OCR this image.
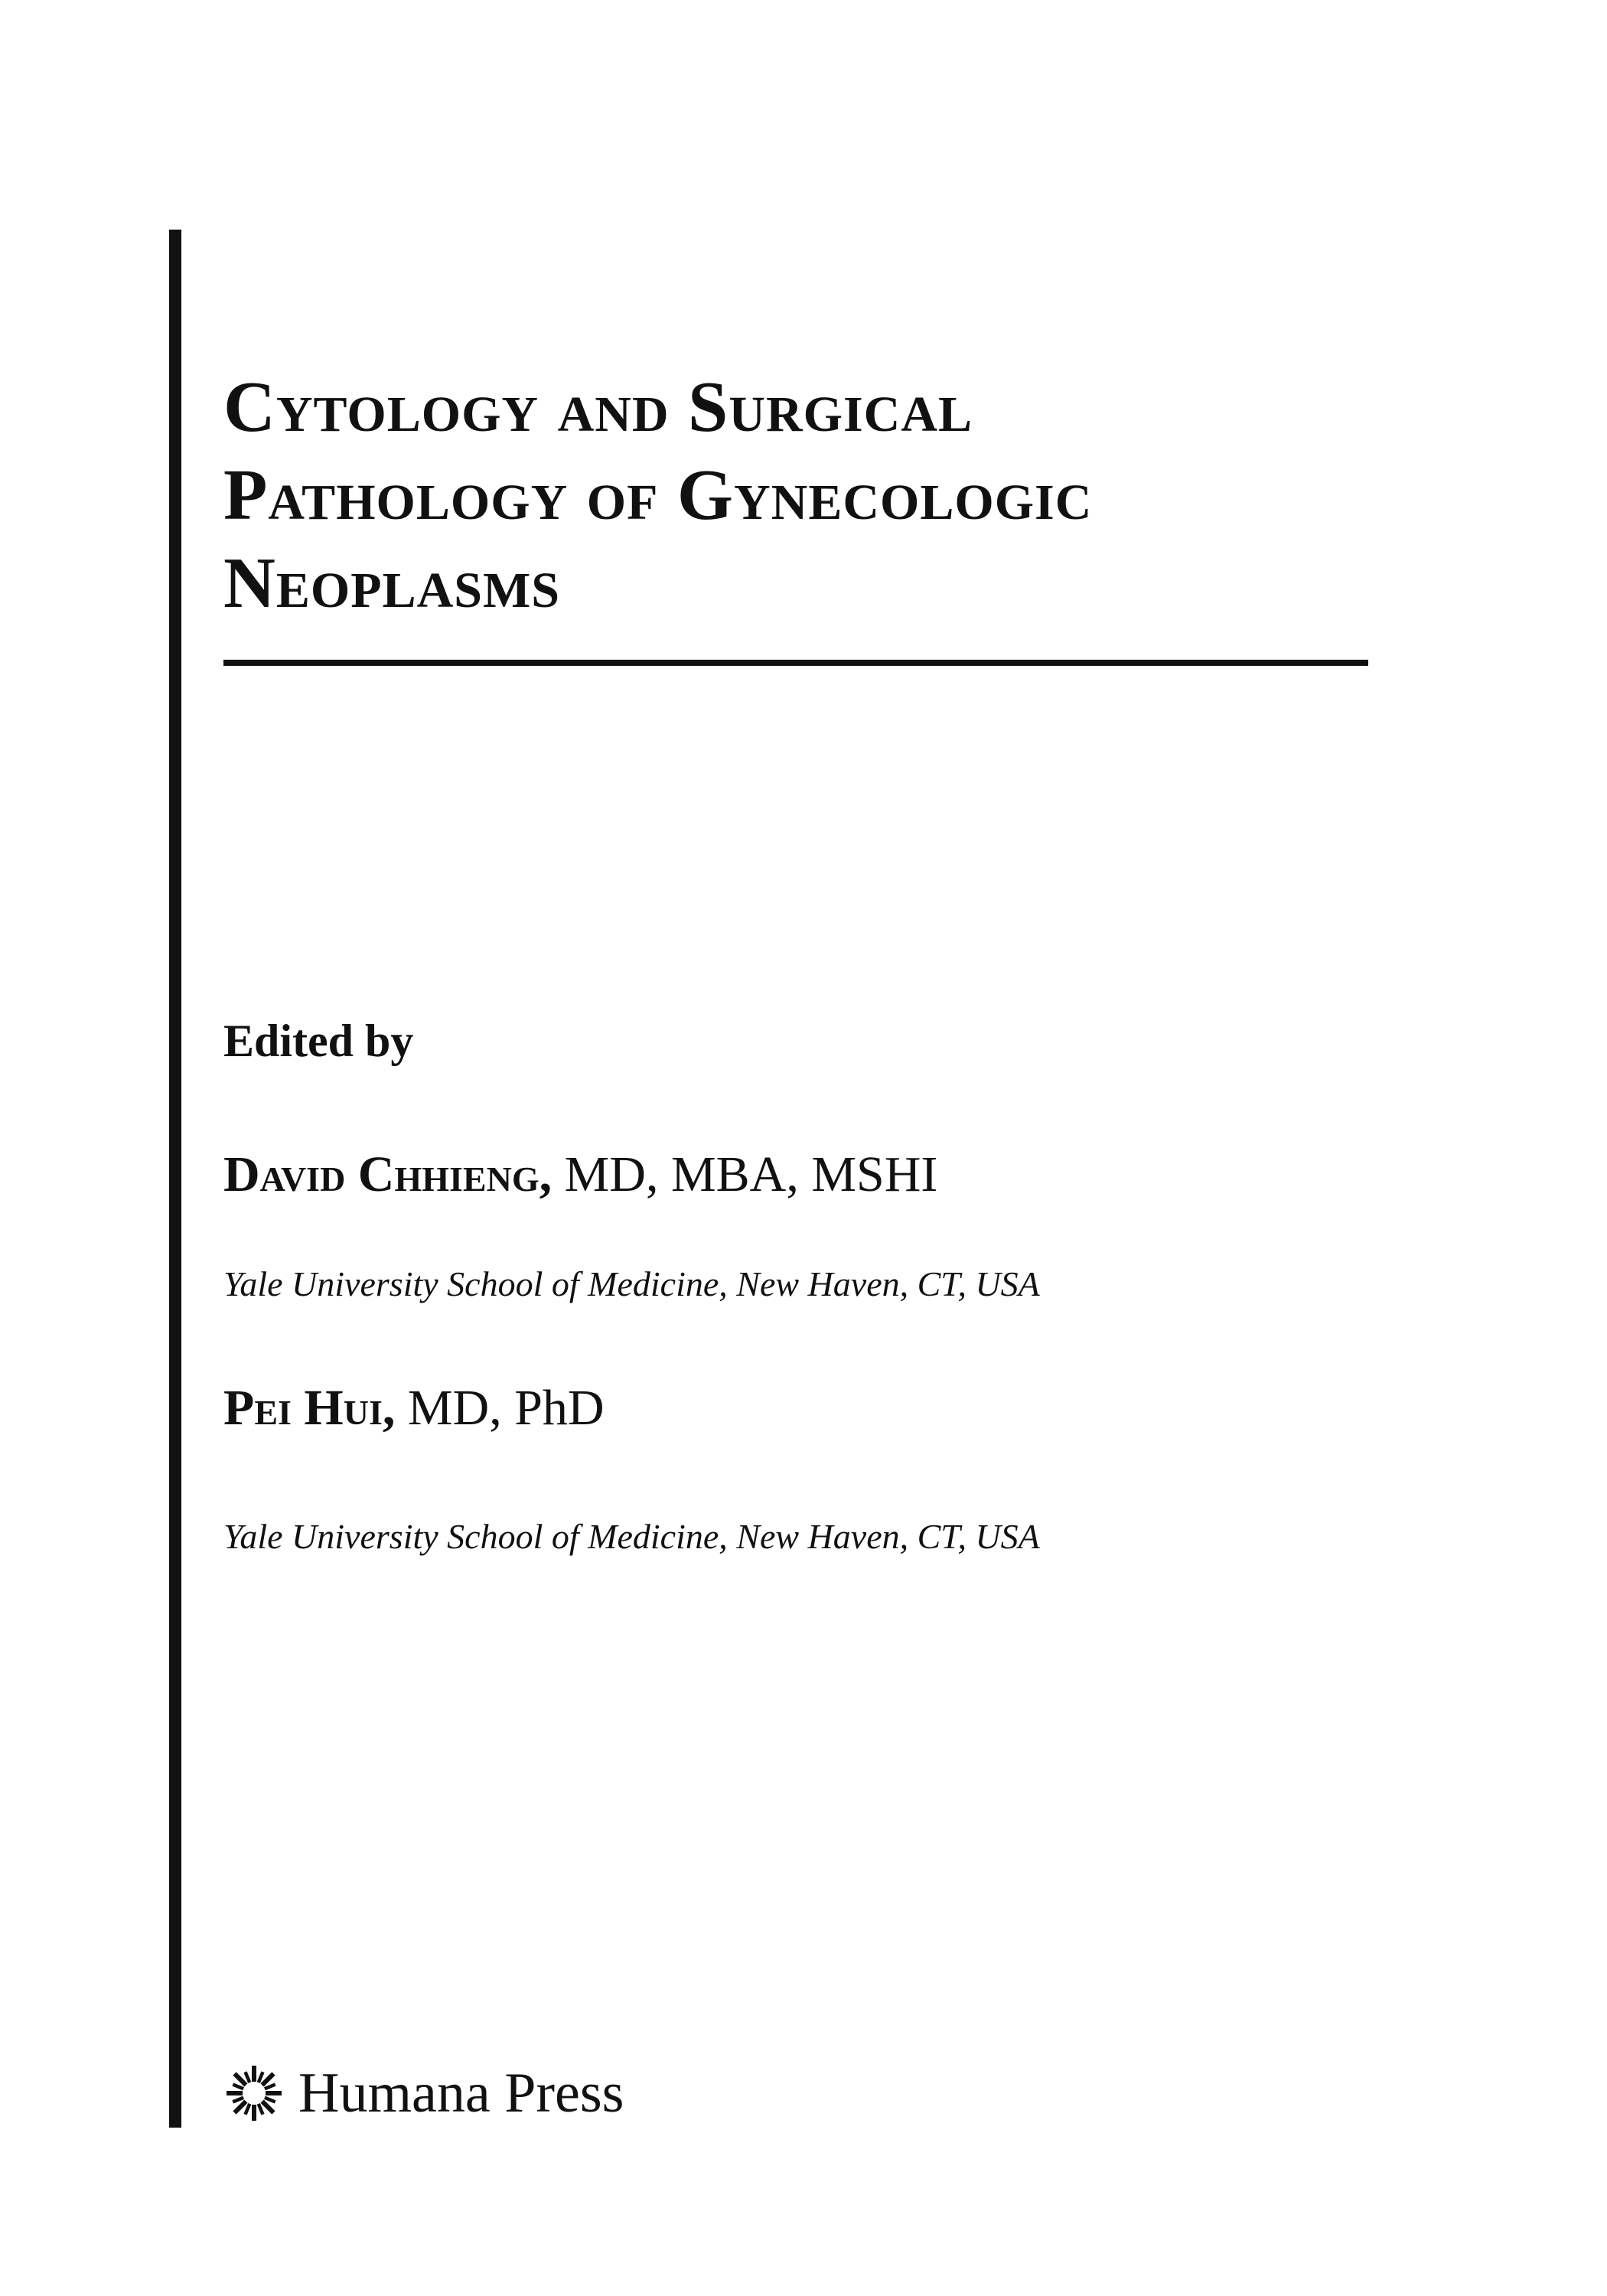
Cytology and Surgical
Pathology of Gynecologic
Neoplasms
Edited by
David Chhieng, MD, MBA, MSHI
Yale University School of Medicine, New Haven, CT, USA
Pei Hui, MD, PhD
Yale University School of Medicine, New Haven, CT, USA
Humana Press
